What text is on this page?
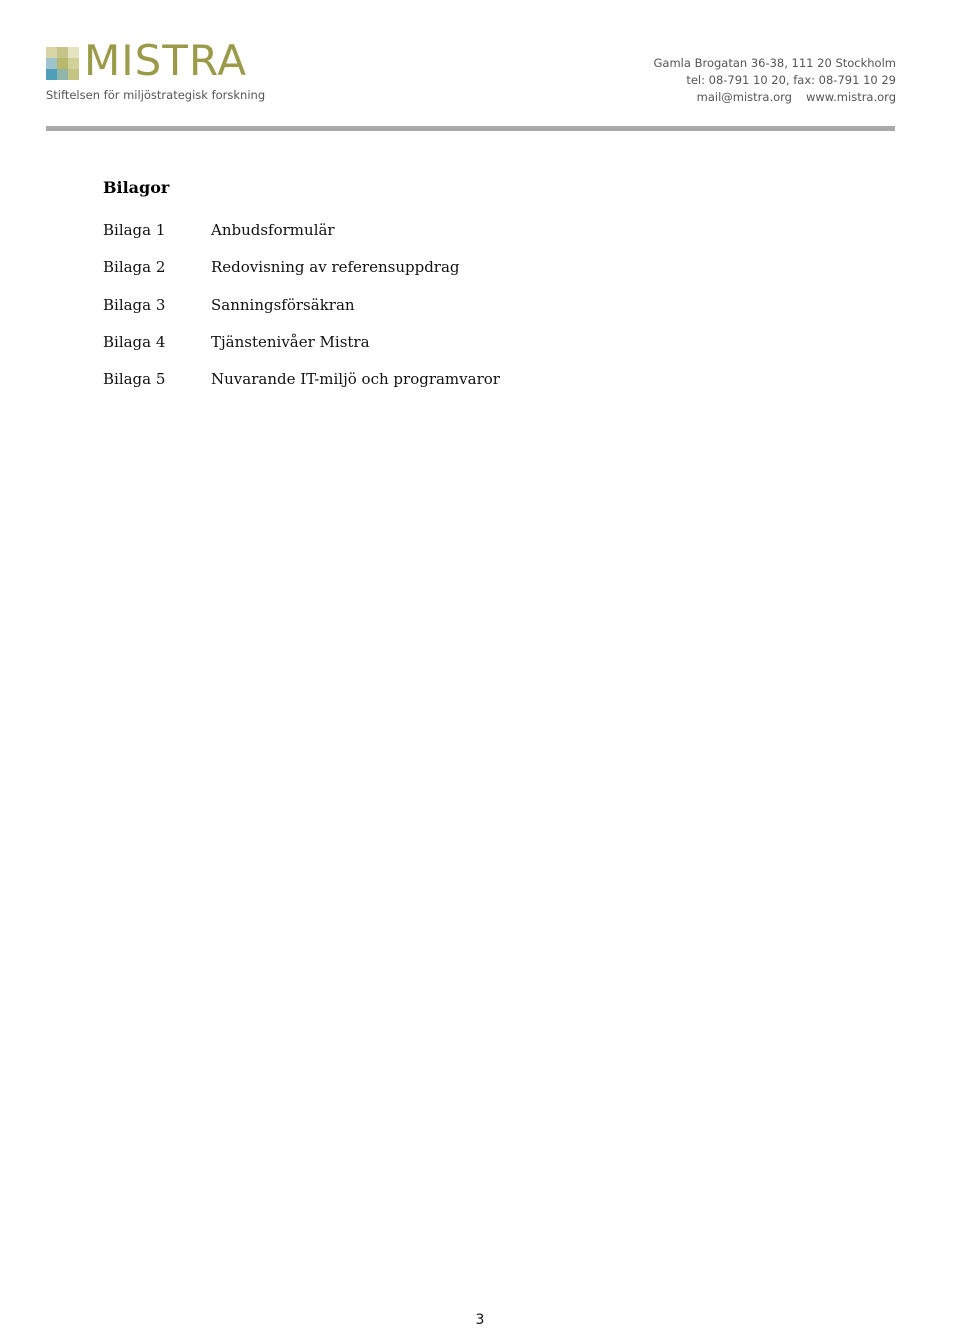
MISTRA
Stiftelsen för miljöstrategisk forskning
Gamla Brogatan 36-38, 111 20 Stockholm
tel: 08-791 10 20, fax: 08-791 10 29
mail@mistra.org www.mistra.org
Bilagor
Bilaga 1	Anbudsformulär
Bilaga 2	Redovisning av referensuppdrag
Bilaga 3	Sanningsförsäkran
Bilaga 4	Tjänstenivåer Mistra
Bilaga 5	Nuvarande IT-miljö och programvaror
3
